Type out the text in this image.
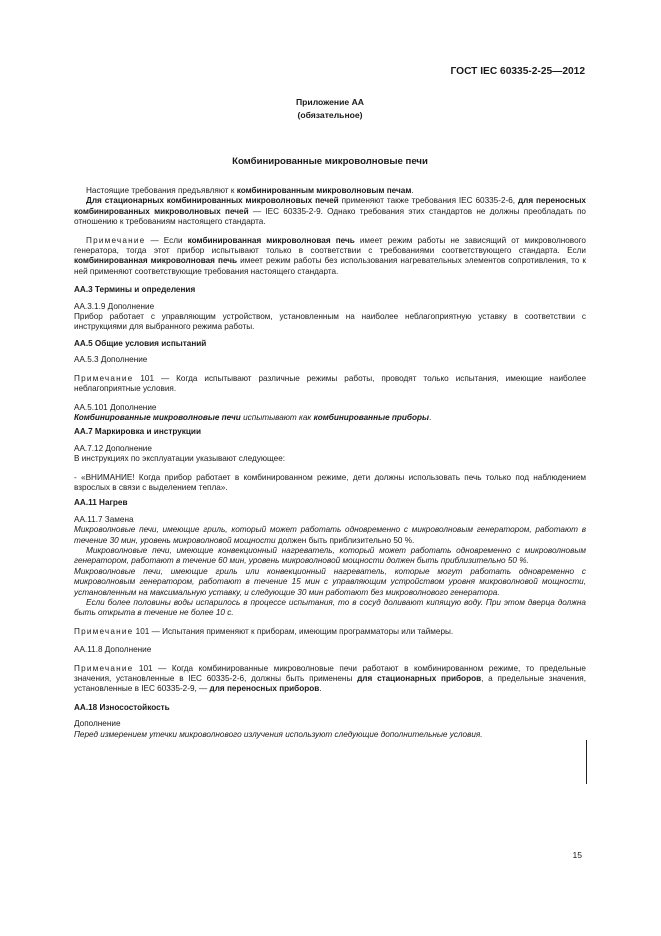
ГОСТ IEC 60335-2-25—2012
Приложение АА
(обязательное)
Комбинированные микроволновые печи

Настоящие требования предъявляют к комбинированным микроволновым печам.

Для стационарных комбинированных микроволновых печей применяют также требования IEC 60335-2-6, для переносных комбинированных микроволновых печей — IEC 60335-2-9. Однако требования этих стандартов не должны преобладать по отношению к требованиям настоящего стандарта.

Примечание — Если комбинированная микроволновая печь имеет режим работы не зависящий от микроволнового генератора, тогда этот прибор испытывают только в соответствии с требованиями соответствующего стандарта. Если комбинированная микроволновая печь имеет режим работы без использования нагревательных элементов сопротивления, то к ней применяют соответствующие требования настоящего стандарта.

АА.3 Термины и определения

АА.3.1.9 Дополнение

Прибор работает с управляющим устройством, установленным на наиболее неблагоприятную уставку в соответствии с инструкциями для выбранного режима работы.

АА.5 Общие условия испытаний

АА.5.3 Дополнение

Примечание 101 — Когда испытывают различные режимы работы, проводят только испытания, имеющие наиболее неблагоприятные условия.

АА.5.101 Дополнение

Комбинированные микроволновые печи испытывают как комбинированные приборы.

АА.7 Маркировка и инструкции

АА.7.12 Дополнение

В инструкциях по эксплуатации указывают следующее:

- «ВНИМАНИЕ! Когда прибор работает в комбинированном режиме, дети должны использовать печь только под наблюдением взрослых в связи с выделением тепла».

АА.11 Нагрев

АА.11.7 Замена

Микроволновые печи, имеющие гриль, который может работать одновременно с микроволновым генератором, работают в течение 30 мин, уровень микроволновой мощности должен быть приблизительно 50 %.

Микроволновые печи, имеющие конвекционный нагреватель, который может работать одновременно с микроволновым генератором, работают в течение 60 мин, уровень микроволновой мощности должен быть приблизительно 50 %.

Микроволновые печи, имеющие гриль или конвекционный нагреватель, которые могут работать одновременно с микроволновым генератором, работают в течение 15 мин с управляющим устройством уровня микроволновой мощности, установленным на максимальную уставку, и следующие 30 мин работают без микроволнового генератора.

Если более половины воды испарилось в процессе испытания, то в сосуд доливают кипящую воду. При этом дверца должна быть открыта в течение не более 10 с.

Примечание 101 — Испытания применяют к приборам, имеющим программаторы или таймеры.

АА.11.8 Дополнение

Примечание 101 — Когда комбинированные микроволновые печи работают в комбинированном режиме, то предельные значения, установленные в IEC 60335-2-6, должны быть применены для стационарных приборов, а предельные значения, установленные в IEC 60335-2-9, — для переносных приборов.

АА.18 Износостойкость

Дополнение

Перед измерением утечки микроволнового излучения используют следующие дополнительные условия.

15
